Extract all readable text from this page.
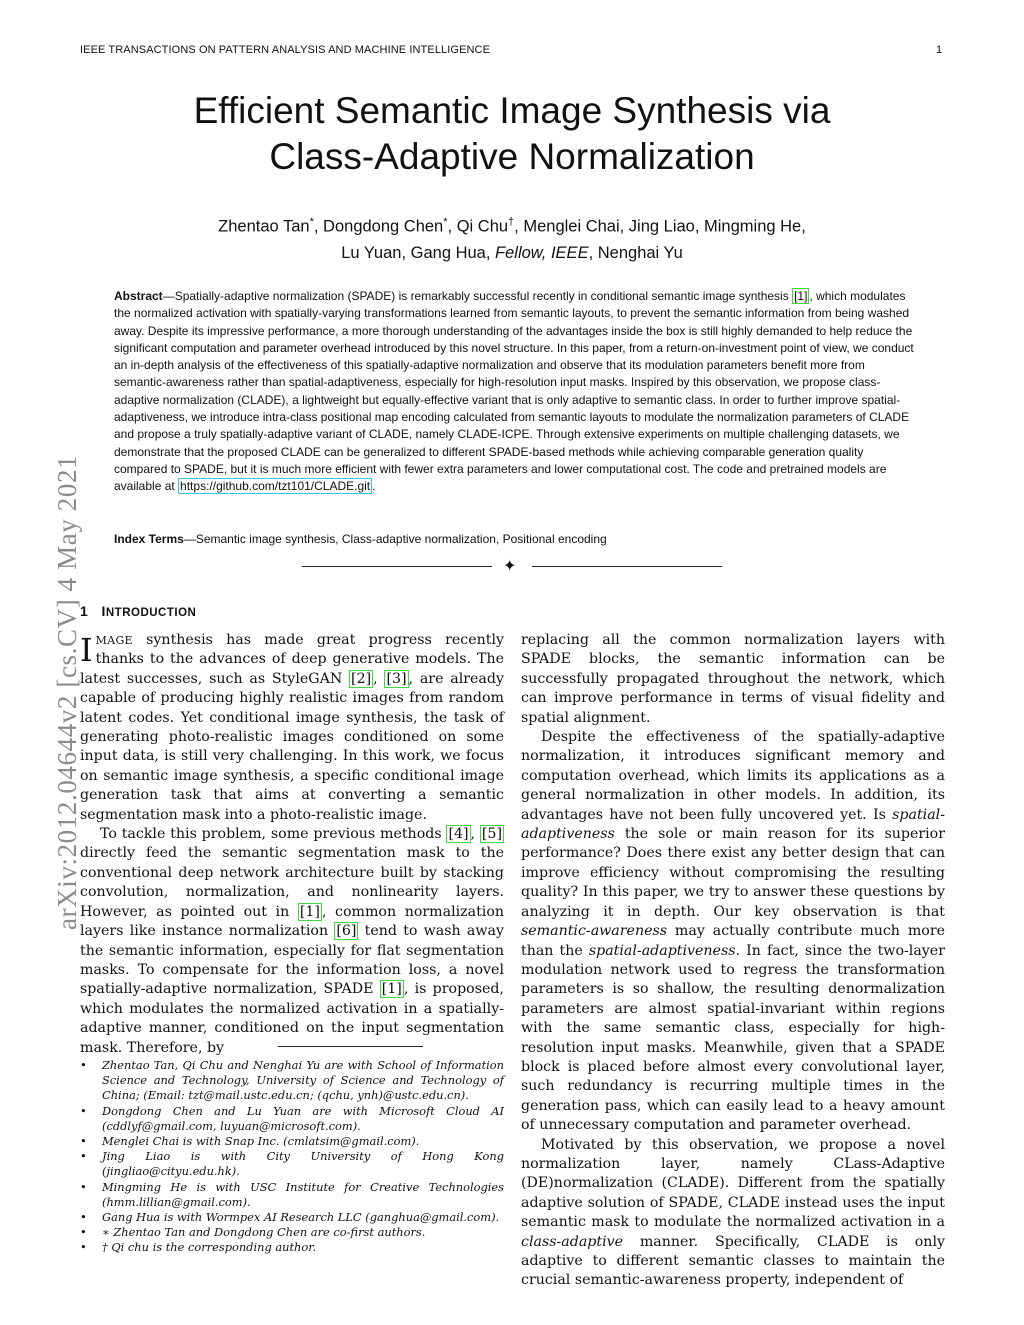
IEEE TRANSACTIONS ON PATTERN ANALYSIS AND MACHINE INTELLIGENCE	1
arXiv:2012.04644v2 [cs.CV] 4 May 2021
Efficient Semantic Image Synthesis via
Class-Adaptive Normalization
Zhentao Tan*, Dongdong Chen*, Qi Chu†, Menglei Chai, Jing Liao, Mingming He,
Lu Yuan, Gang Hua, Fellow, IEEE, Nenghai Yu
Abstract—Spatially-adaptive normalization (SPADE) is remarkably successful recently in conditional semantic image synthesis [1] , which modulates the normalized activation with spatially-varying transformations learned from semantic layouts, to prevent the semantic information from being washed away. Despite its impressive performance, a more thorough understanding of the advantages inside the box is still highly demanded to help reduce the significant computation and parameter overhead introduced by this novel structure. In this paper, from a return-on-investment point of view, we conduct an in-depth analysis of the effectiveness of this spatially-adaptive normalization and observe that its modulation parameters benefit more from semantic-awareness rather than spatial-adaptiveness, especially for high-resolution input masks. Inspired by this observation, we propose class-adaptive normalization (CLADE), a lightweight but equally-effective variant that is only adaptive to semantic class. In order to further improve spatial-adaptiveness, we introduce intra-class positional map encoding calculated from semantic layouts to modulate the normalization parameters of CLADE and propose a truly spatially-adaptive variant of CLADE, namely CLADE-ICPE. Through extensive experiments on multiple challenging datasets, we demonstrate that the proposed CLADE can be generalized to different SPADE-based methods while achieving comparable generation quality compared to SPADE, but it is much more efficient with fewer extra parameters and lower computational cost. The code and pretrained models are available at https://github.com/tzt101/CLADE.git .
Index Terms—Semantic image synthesis, Class-adaptive normalization, Positional encoding
✦
1 INTRODUCTION

IMAGE synthesis has made great progress recently thanks to the advances of deep generative models. The latest successes, such as StyleGAN [2] , [3] , are already capable of producing highly realistic images from random latent codes. Yet conditional image synthesis, the task of generating photo-realistic images conditioned on some input data, is still very challenging. In this work, we focus on semantic image synthesis, a specific conditional image generation task that aims at converting a semantic segmentation mask into a photo-realistic image.

To tackle this problem, some previous methods [4] , [5] directly feed the semantic segmentation mask to the conventional deep network architecture built by stacking convolution, normalization, and nonlinearity layers. However, as pointed out in [1] , common normalization layers like instance normalization [6] tend to wash away the semantic information, especially for flat segmentation masks. To compensate for the information loss, a novel spatially-adaptive normalization, SPADE [1] , is proposed, which modulates the normalized activation in a spatially-adaptive manner, conditioned on the input segmentation mask. Therefore, by

• Zhentao Tan, Qi Chu and Nenghai Yu are with School of Information Science and Technology, University of Science and Technology of China; (Email: tzt@mail.ustc.edu.cn; (qchu, ynh)@ustc.edu.cn).
• Dongdong Chen and Lu Yuan are with Microsoft Cloud AI (cddlyf@gmail.com, luyuan@microsoft.com).
• Menglei Chai is with Snap Inc. (cmlatsim@gmail.com).
• Jing Liao is with City University of Hong Kong (jingliao@cityu.edu.hk).
• Mingming He is with USC Institute for Creative Technologies (hmm.lillian@gmail.com).
• Gang Hua is with Wormpex AI Research LLC (ganghua@gmail.com).
• ∗ Zhentao Tan and Dongdong Chen are co-first authors.
• † Qi chu is the corresponding author.

replacing all the common normalization layers with SPADE blocks, the semantic information can be successfully propagated throughout the network, which can improve performance in terms of visual fidelity and spatial alignment.

Despite the effectiveness of the spatially-adaptive normalization, it introduces significant memory and computation overhead, which limits its applications as a general normalization in other models. In addition, its advantages have not been fully uncovered yet. Is spatial-adaptiveness the sole or main reason for its superior performance? Does there exist any better design that can improve efficiency without compromising the resulting quality? In this paper, we try to answer these questions by analyzing it in depth. Our key observation is that semantic-awareness may actually contribute much more than the spatial-adaptiveness. In fact, since the two-layer modulation network used to regress the transformation parameters is so shallow, the resulting denormalization parameters are almost spatial-invariant within regions with the same semantic class, especially for high-resolution input masks. Meanwhile, given that a SPADE block is placed before almost every convolutional layer, such redundancy is recurring multiple times in the generation pass, which can easily lead to a heavy amount of unnecessary computation and parameter overhead.

Motivated by this observation, we propose a novel normalization layer, namely CLass-Adaptive (DE)normalization (CLADE). Different from the spatially adaptive solution of SPADE, CLADE instead uses the input semantic mask to modulate the normalized activation in a class-adaptive manner. Specifically, CLADE is only adaptive to different semantic classes to maintain the crucial semantic-awareness property, independent of
